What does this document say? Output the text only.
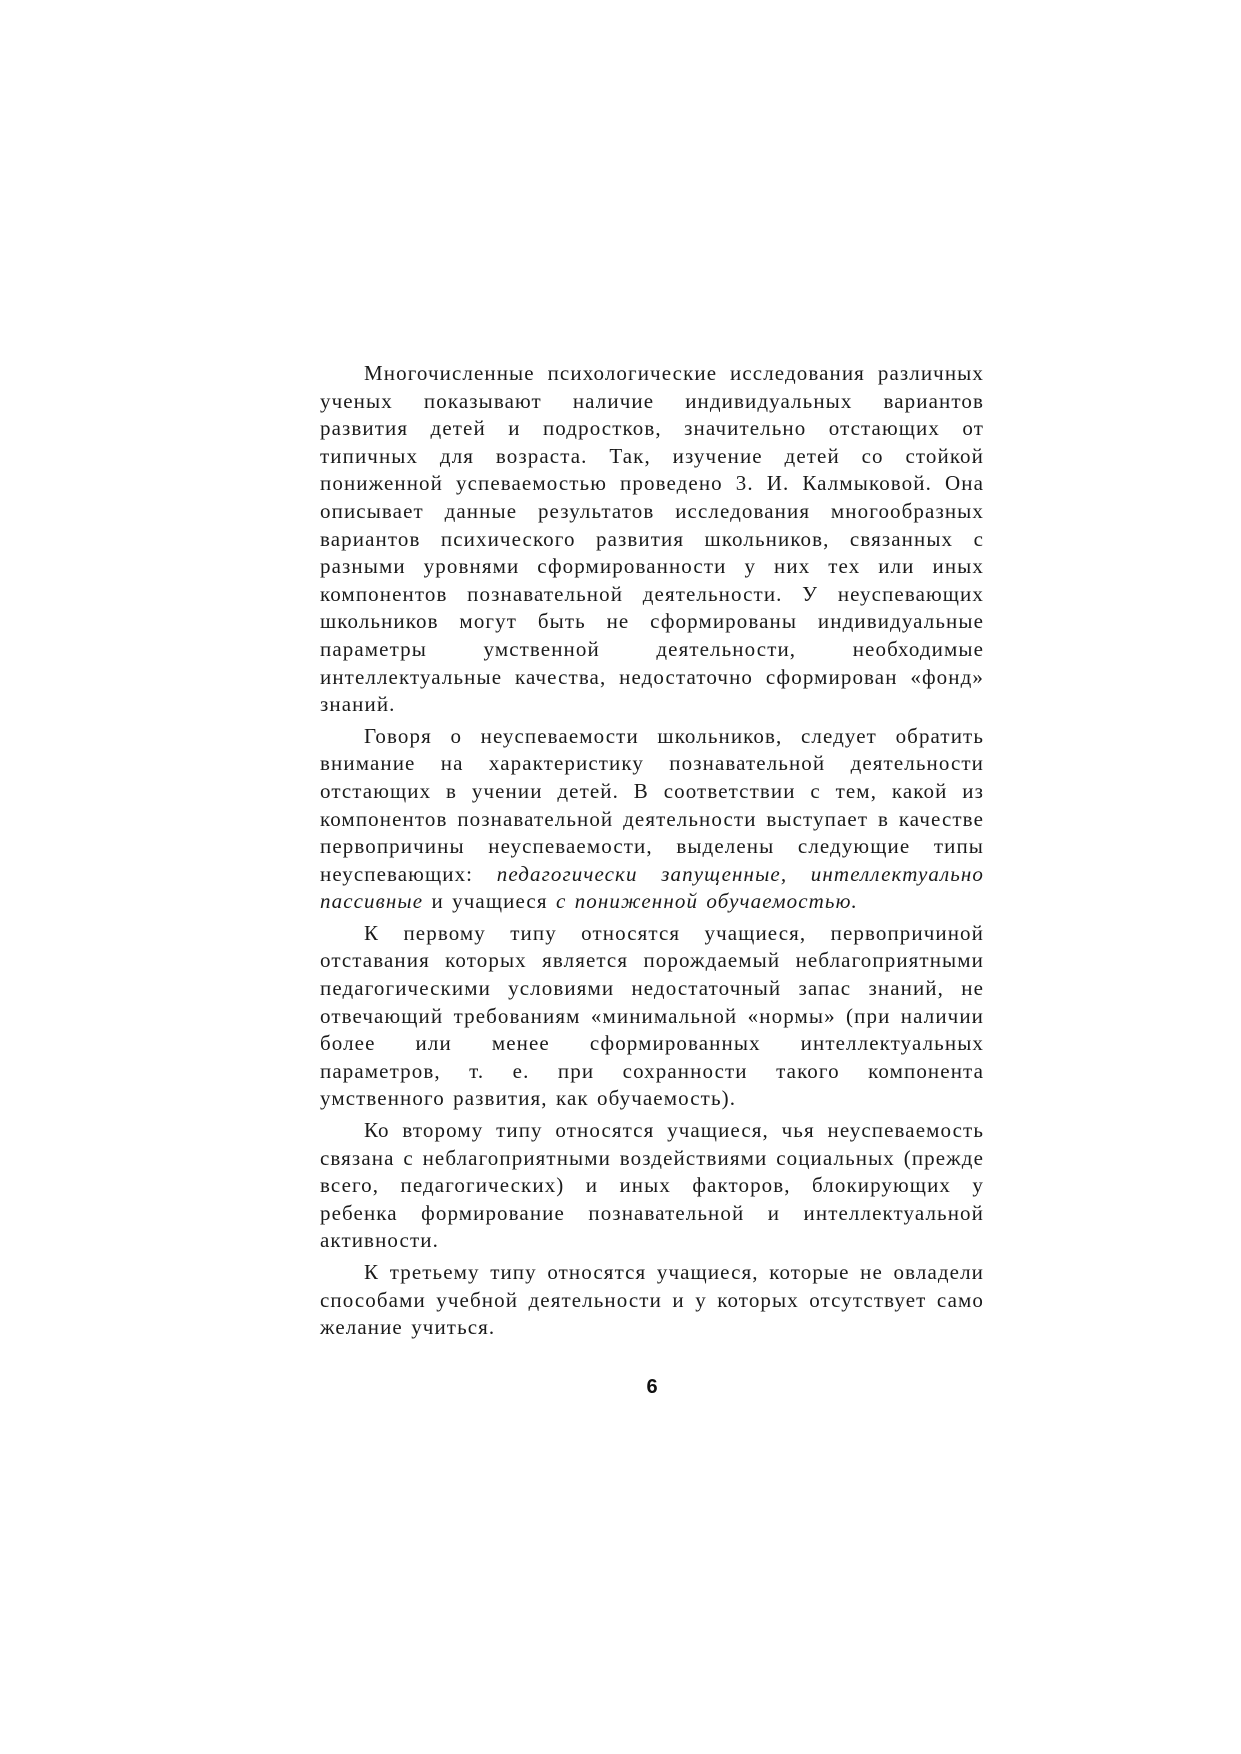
Многочисленные психологические исследования различных ученых показывают наличие индивидуальных вариантов развития детей и подростков, значительно отстающих от типичных для возраста. Так, изучение детей со стойкой пониженной успеваемостью проведено 3. И. Калмыковой. Она описывает данные результатов исследования многообразных вариантов психического развития школьников, связанных с разными уровнями сформированности у них тех или иных компонентов познавательной деятельности. У неуспевающих школьников могут быть не сформированы индивидуальные параметры умственной деятельности, необходимые интеллектуальные качества, недостаточно сформирован «фонд» знаний.

Говоря о неуспеваемости школьников, следует обратить внимание на характеристику познавательной деятельности отстающих в учении детей. В соответствии с тем, какой из компонентов познавательной деятельности выступает в качестве первопричины неуспеваемости, выделены следующие типы неуспевающих: педагогически запущенные, интеллектуально пассивные и учащиеся с пониженной обучаемостью.

К первому типу относятся учащиеся, первопричиной отставания которых является порождаемый неблагоприятными педагогическими условиями недостаточный запас знаний, не отвечающий требованиям «минимальной «нормы» (при наличии более или менее сформированных интеллектуальных параметров, т. е. при сохранности такого компонента умственного развития, как обучаемость).

Ко второму типу относятся учащиеся, чья неуспеваемость связана с неблагоприятными воздействиями социальных (прежде всего, педагогических) и иных факторов, блокирующих у ребенка формирование познавательной и интеллектуальной активности.

К третьему типу относятся учащиеся, которые не овладели способами учебной деятельности и у которых отсутствует само желание учиться.

6
